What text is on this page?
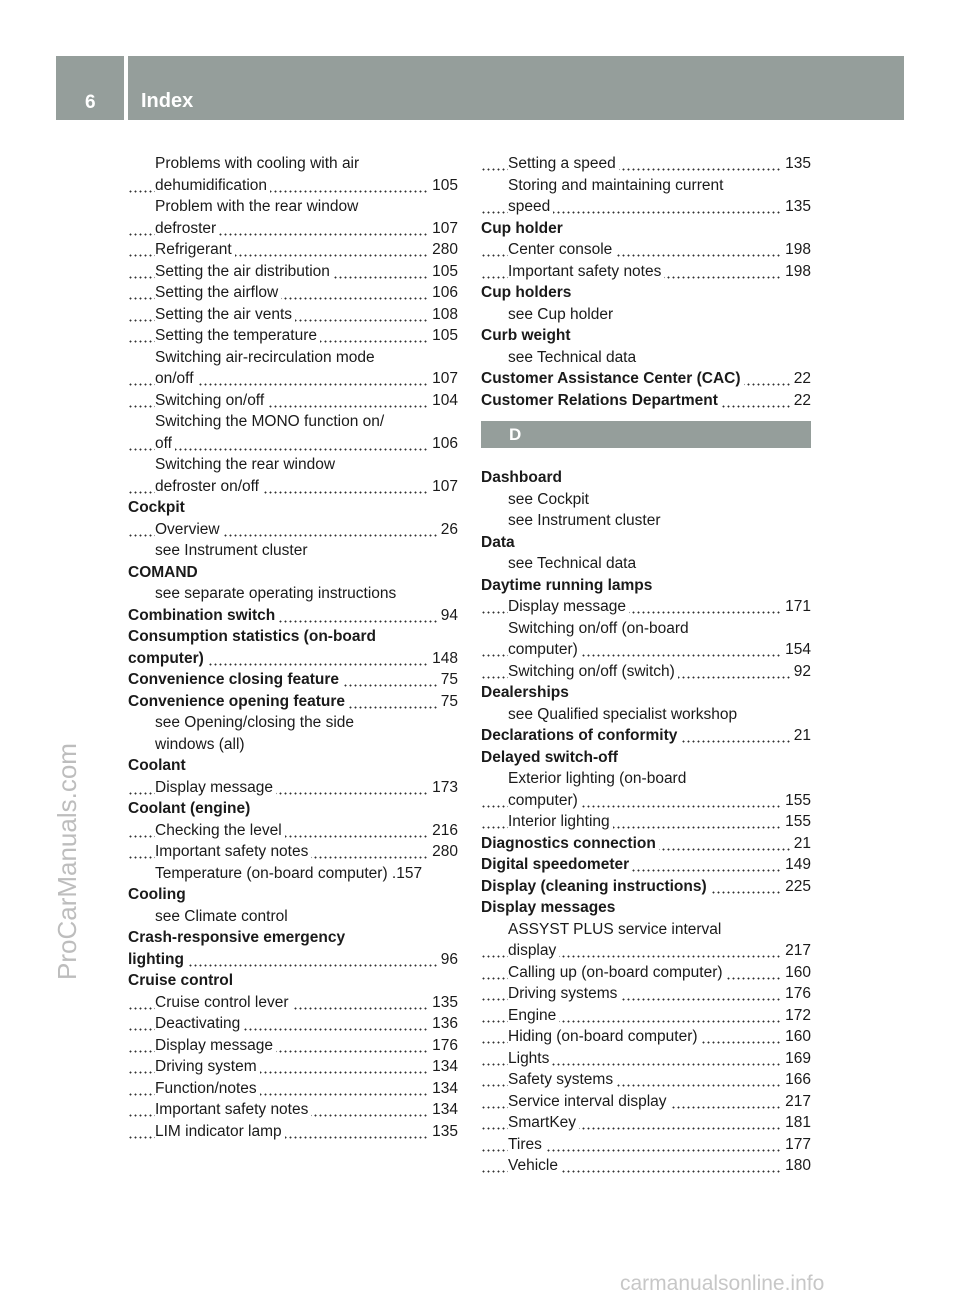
6 Index
Problems with cooling with air
dehumidification	105
Problem with the rear window
defroster	107
Refrigerant	280
Setting the air distribution	105
Setting the airflow	106
Setting the air vents	108
Setting the temperature	105
Switching air-recirculation mode
on/off	107
Switching on/off	104
Switching the MONO function on/
off	106
Switching the rear window
defroster on/off	107
Cockpit
Overview	26
see Instrument cluster
COMAND
see separate operating instructions
Combination switch	94
Consumption statistics (on-board
computer)	148
Convenience closing feature	75
Convenience opening feature	75
see Opening/closing the side
windows (all)
Coolant
Display message	173
Coolant (engine)
Checking the level	216
Important safety notes	280
Temperature (on-board computer) . 157
Cooling
see Climate control
Crash-responsive emergency
lighting	96
Cruise control
Cruise control lever	135
Deactivating	136
Display message	176
Driving system	134
Function/notes	134
Important safety notes	134
LIM indicator lamp	135
Setting a speed	135
Storing and maintaining current
speed	135
Cup holder
Center console	198
Important safety notes	198
Cup holders
see Cup holder
Curb weight
see Technical data
Customer Assistance Center (CAC)	22
Customer Relations Department	22
D
Dashboard
see Cockpit
see Instrument cluster
Data
see Technical data
Daytime running lamps
Display message	171
Switching on/off (on-board
computer)	154
Switching on/off (switch)	92
Dealerships
see Qualified specialist workshop
Declarations of conformity	21
Delayed switch-off
Exterior lighting (on-board
computer)	155
Interior lighting	155
Diagnostics connection	21
Digital speedometer	149
Display (cleaning instructions)	225
Display messages
ASSYST PLUS service interval
display	217
Calling up (on-board computer)	160
Driving systems	176
Engine	172
Hiding (on-board computer)	160
Lights	169
Safety systems	166
Service interval display	217
SmartKey	181
Tires	177
Vehicle	180
ProCarManuals.com
carmanualsonline.info
